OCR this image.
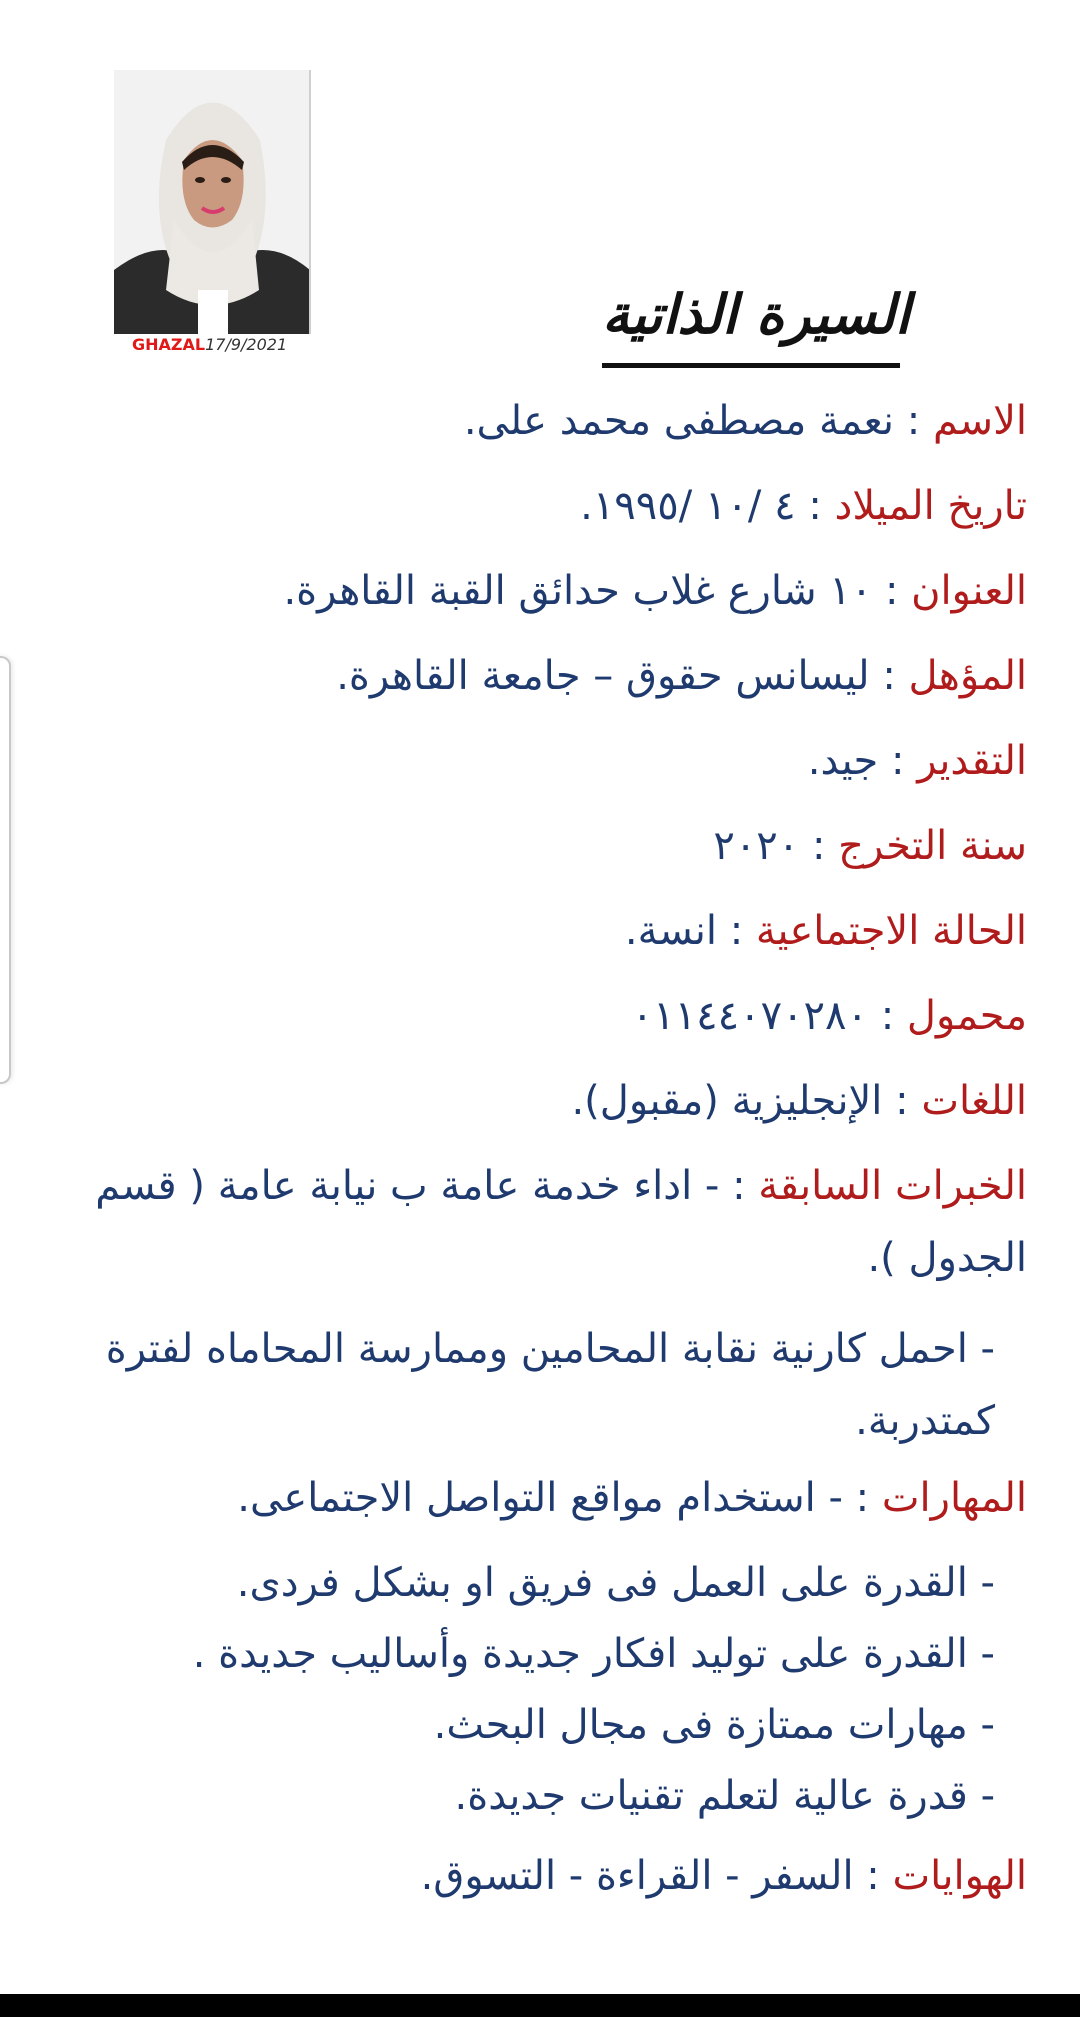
GHAZAL17/9/2021	السيرة الذاتية
الاسم : نعمة مصطفى محمد على.
تاريخ الميلاد : ٤ /١٠ /١٩٩٥.
العنوان : ١٠ شارع غلاب حدائق القبة القاهرة.
المؤهل : ليسانس حقوق – جامعة القاهرة.
التقدير : جيد.
سنة التخرج : ٢٠٢٠
الحالة الاجتماعية : انسة.
محمول : ٠١١٤٤٠٧٠٢٨٠
اللغات : الإنجليزية (مقبول).
الخبرات السابقة : - اداء خدمة عامة ب نيابة عامة ( قسم الجدول ).
- احمل كارنية نقابة المحامين وممارسة المحاماه لفترة كمتدربة.
المهارات : - استخدام مواقع التواصل الاجتماعى.
- القدرة على العمل فى فريق او بشكل فردى.
- القدرة على توليد افكار جديدة وأساليب جديدة .
- مهارات ممتازة فى مجال البحث.
- قدرة عالية لتعلم تقنيات جديدة.
الهوايات : السفر - القراءة - التسوق.
